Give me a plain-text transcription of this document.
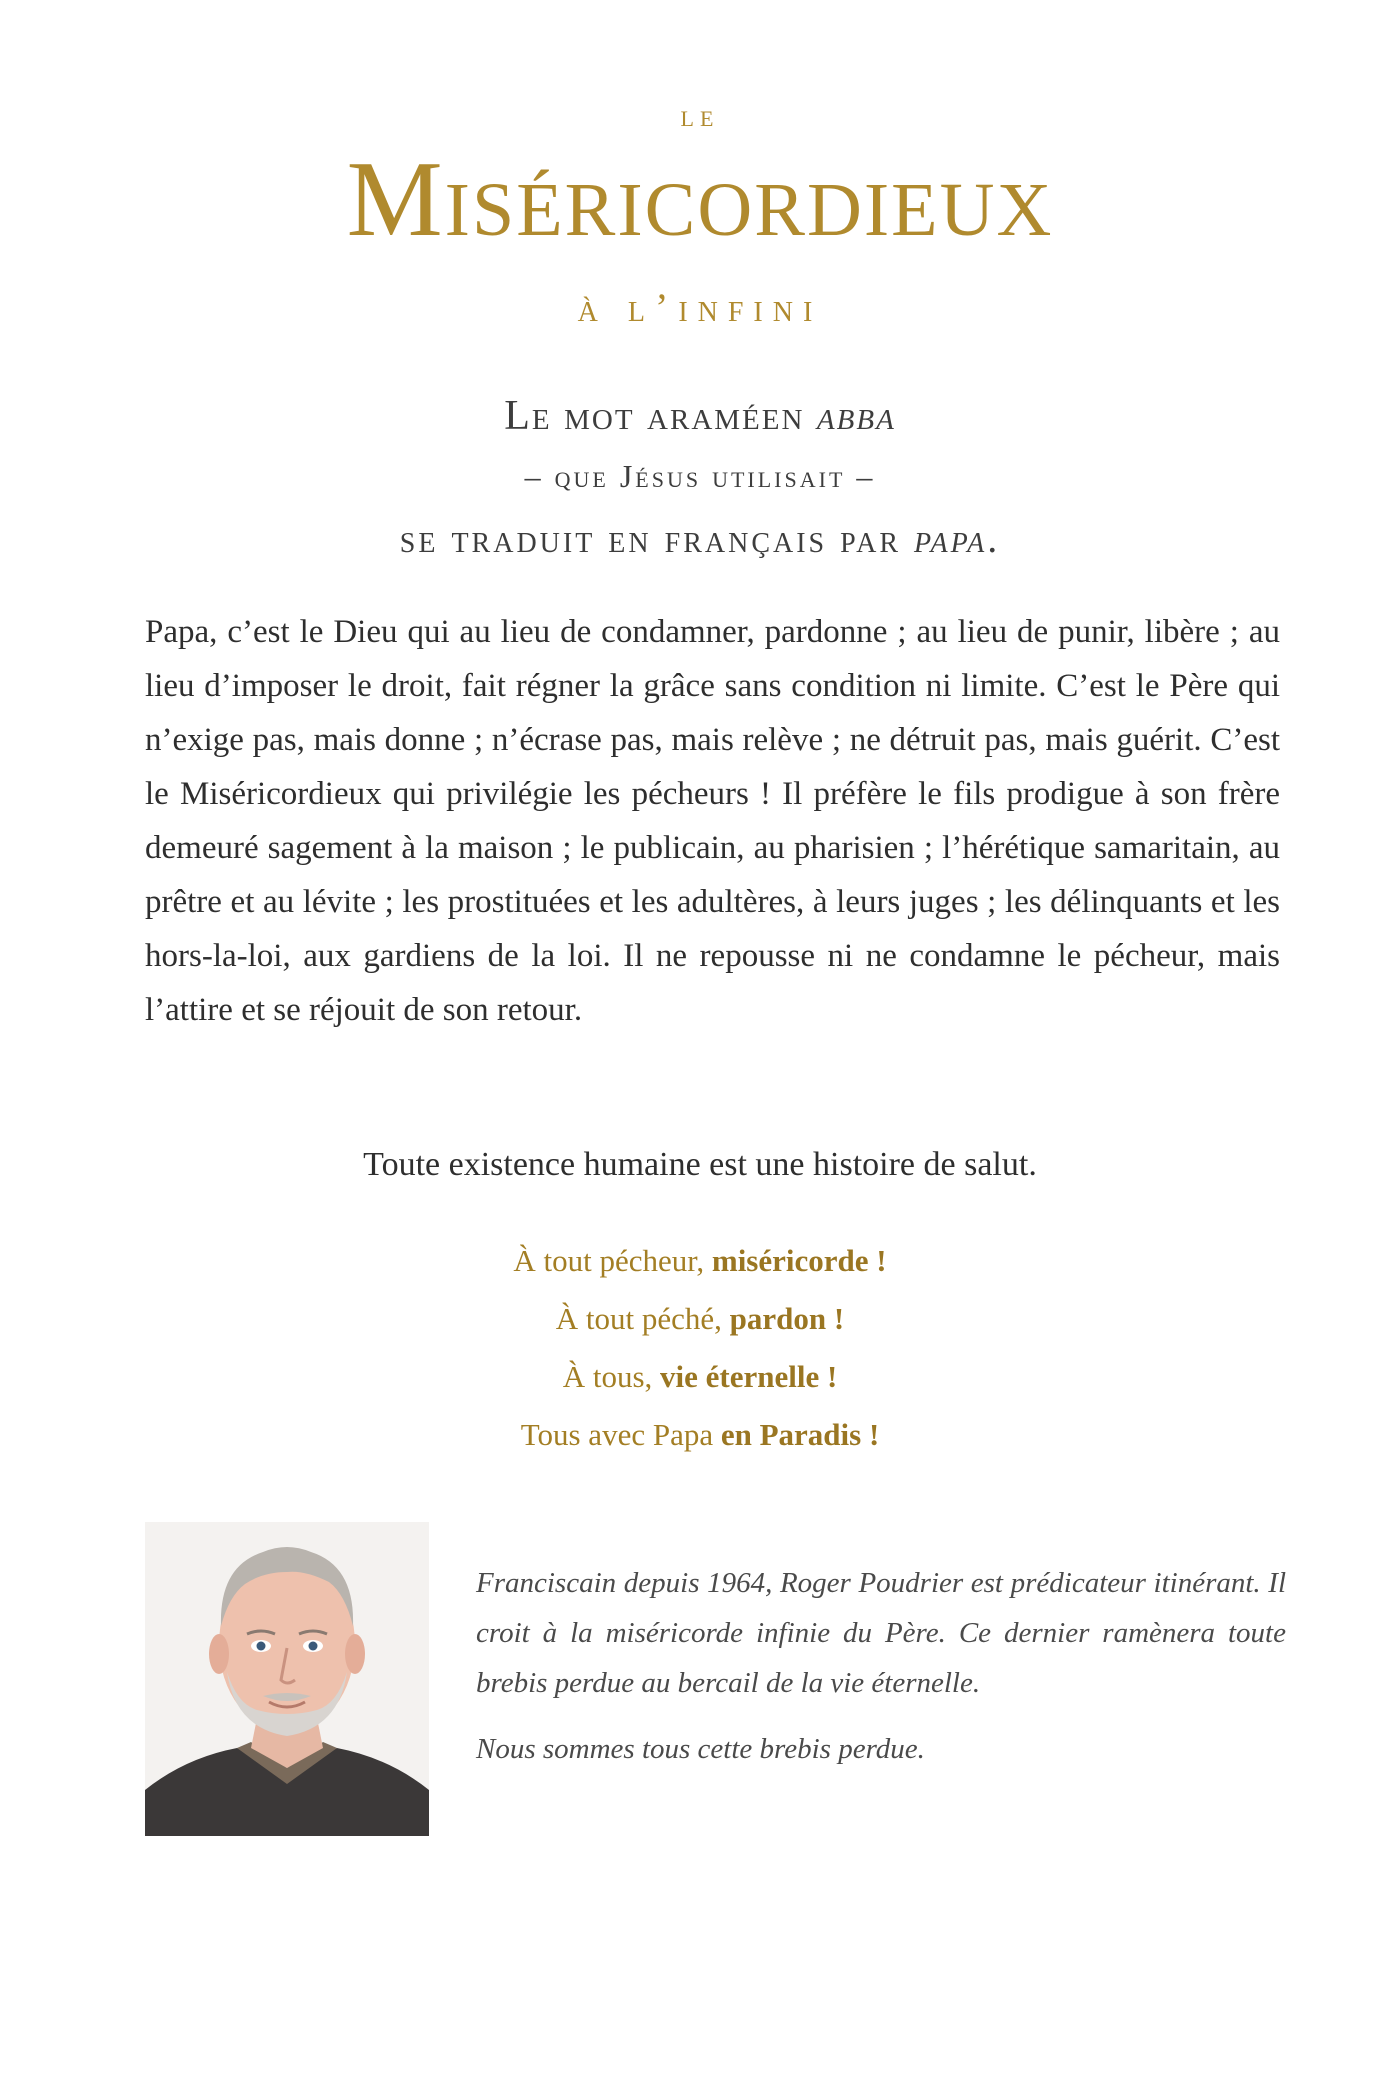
le
Miséricordieux
à l’infini
Le mot araméen abba
– que Jésus utilisait –
se traduit en français par papa.
Papa, c’est le Dieu qui au lieu de condamner, pardonne ; au lieu de punir, libère ; au lieu d’imposer le droit, fait régner la grâce sans condition ni limite. C’est le Père qui n’exige pas, mais donne ; n’écrase pas, mais relève ; ne détruit pas, mais guérit. C’est le Miséricordieux qui privilégie les pécheurs ! Il préfère le fils prodigue à son frère demeuré sagement à la maison ; le publicain, au pharisien ; l’hérétique samaritain, au prêtre et au lévite ; les prostituées et les adultères, à leurs juges ; les délinquants et les hors-la-loi, aux gardiens de la loi. Il ne repousse ni ne condamne le pécheur, mais l’attire et se réjouit de son retour.
Toute existence humaine est une histoire de salut.
À tout pécheur, miséricorde !
À tout péché, pardon !
À tous, vie éternelle !
Tous avec Papa en Paradis !

Franciscain depuis 1964, Roger Poudrier est prédicateur itinérant. Il croit à la miséricorde infinie du Père. Ce dernier ramènera toute brebis perdue au bercail de la vie éternelle.

Nous sommes tous cette brebis perdue.
